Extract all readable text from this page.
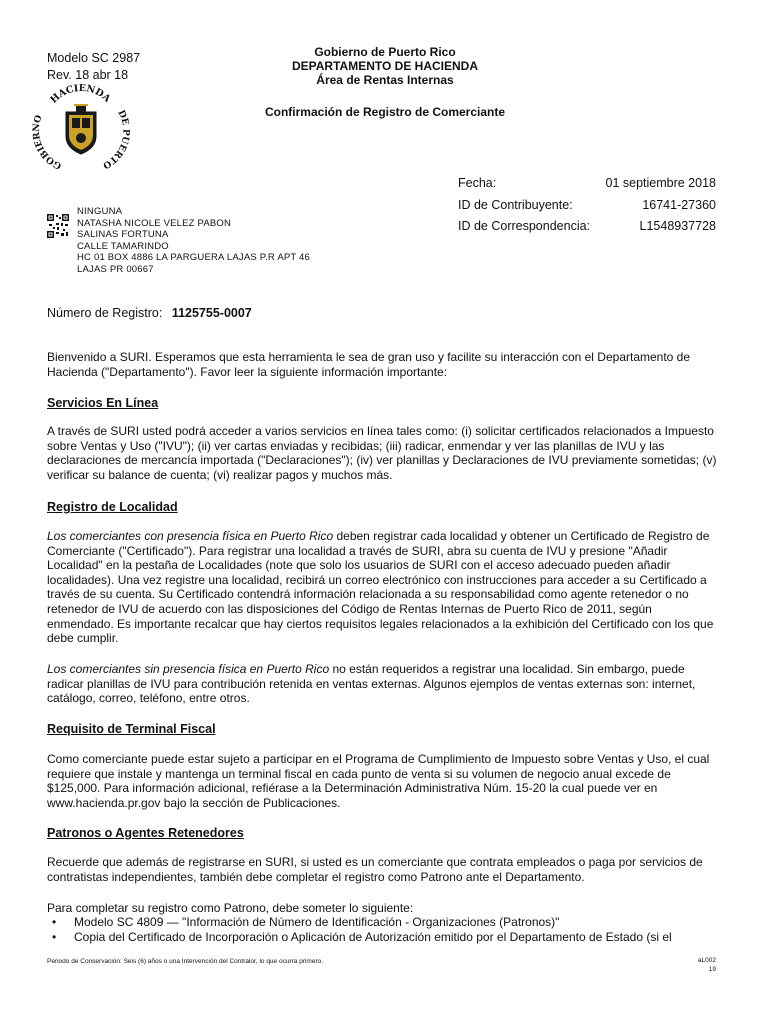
Modelo SC 2987
Rev. 18 abr 18
HACIENDA
GOBIERNO	DE PUERTO
Gobierno de Puerto Rico
DEPARTAMENTO DE HACIENDA
Área de Rentas Internas
Confirmación de Registro de Comerciante
Fecha:	01 septiembre 2018
ID de Contribuyente:	16741-27360
ID de Correspondencia:	L1548937728
NINGUNA
NATASHA NICOLE VELEZ PABON
SALINAS FORTUNA
CALLE TAMARINDO
HC 01 BOX 4886 LA PARGUERA LAJAS P.R APT 46
LAJAS PR 00667
Número de Registro: 1125755-0007
Bienvenido a SURI. Esperamos que esta herramienta le sea de gran uso y facilite su interacción con el Departamento de Hacienda ("Departamento"). Favor leer la siguiente información importante:
Servicios En Línea
A través de SURI usted podrá acceder a varios servicios en línea tales como: (i) solicitar certificados relacionados a Impuesto sobre Ventas y Uso ("IVU"); (ii) ver cartas enviadas y recibidas; (iii) radicar, enmendar y ver las planillas de IVU y las declaraciones de mercancía importada ("Declaraciones"); (iv) ver planillas y Declaraciones de IVU previamente sometidas; (v) verificar su balance de cuenta; (vi) realizar pagos y muchos más.
Registro de Localidad
Los comerciantes con presencia física en Puerto Rico deben registrar cada localidad y obtener un Certificado de Registro de Comerciante ("Certificado"). Para registrar una localidad a través de SURI, abra su cuenta de IVU y presione "Añadir Localidad" en la pestaña de Localidades (note que solo los usuarios de SURI con el acceso adecuado pueden añadir localidades). Una vez registre una localidad, recibirá un correo electrónico con instrucciones para acceder a su Certificado a través de su cuenta. Su Certificado contendrá información relacionada a su responsabilidad como agente retenedor o no retenedor de IVU de acuerdo con las disposiciones del Código de Rentas Internas de Puerto Rico de 2011, según enmendado. Es importante recalcar que hay ciertos requisitos legales relacionados a la exhibición del Certificado con los que debe cumplir.
Los comerciantes sin presencia física en Puerto Rico no están requeridos a registrar una localidad. Sin embargo, puede radicar planillas de IVU para contribución retenida en ventas externas. Algunos ejemplos de ventas externas son: internet, catálogo, correo, teléfono, entre otros.
Requisito de Terminal Fiscal
Como comerciante puede estar sujeto a participar en el Programa de Cumplimiento de Impuesto sobre Ventas y Uso, el cual requiere que instale y mantenga un terminal fiscal en cada punto de venta si su volumen de negocio anual excede de $125,000. Para información adicional, refiérase a la Determinación Administrativa Núm. 15-20 la cual puede ver en www.hacienda.pr.gov bajo la sección de Publicaciones.
Patronos o Agentes Retenedores
Recuerde que además de registrarse en SURI, si usted es un comerciante que contrata empleados o paga por servicios de contratistas independientes, también debe completar el registro como Patrono ante el Departamento.
Para completar su registro como Patrono, debe someter lo siguiente:
• Modelo SC 4809 — "Información de Número de Identificación - Organizaciones (Patronos)"
• Copia del Certificado de Incorporación o Aplicación de Autorización emitido por el Departamento de Estado (si el
Periodo de Conservación: Seis (6) años o una Intervención del Contralor, lo que ocurra primero.	aL002
19
